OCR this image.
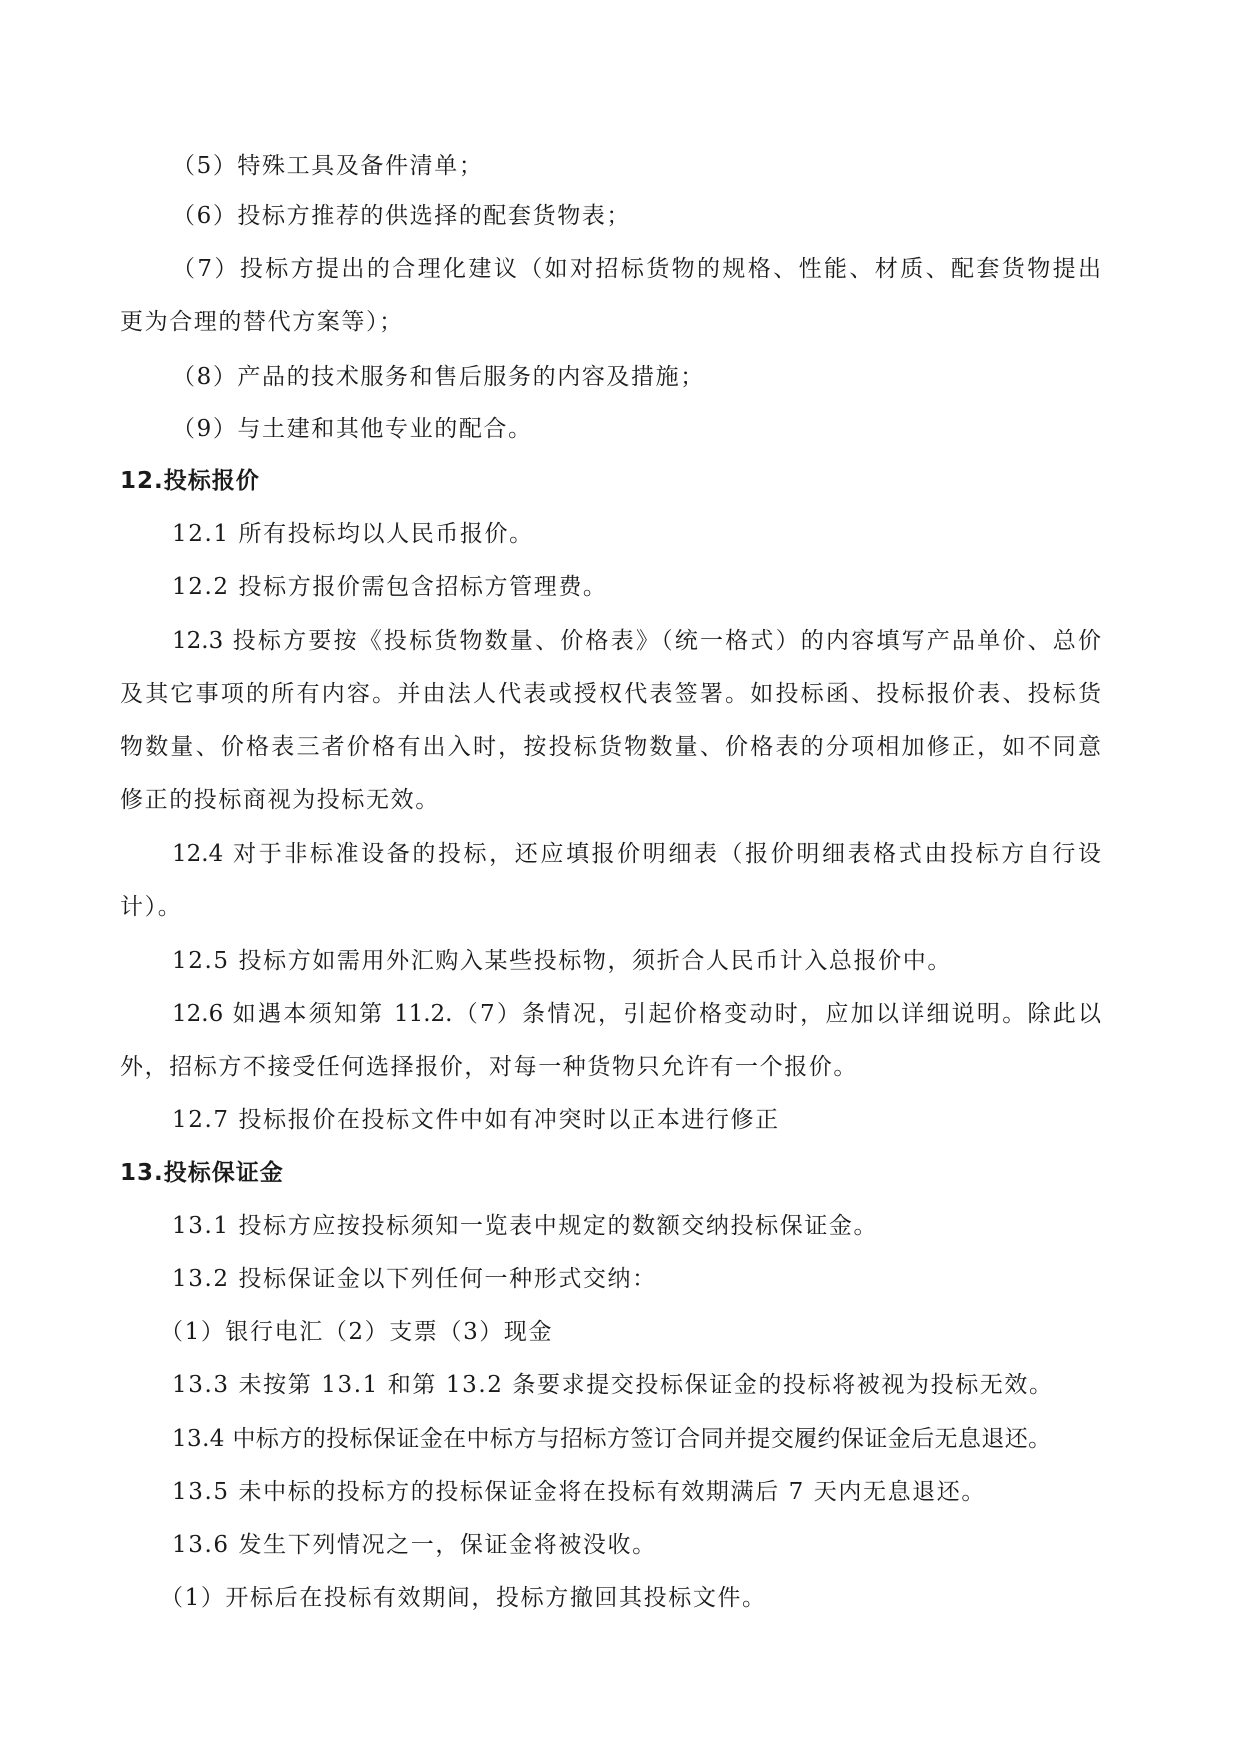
（5）特殊工具及备件清单；
（6）投标方推荐的供选择的配套货物表；
（7）投标方提出的合理化建议（如对招标货物的规格、性能、材质、配套货物提出
更为合理的替代方案等）；
（8）产品的技术服务和售后服务的内容及措施；
（9）与土建和其他专业的配合。
12.投标报价
12.1 所有投标均以人民币报价。
12.2 投标方报价需包含招标方管理费。
12.3 投标方要按《投标货物数量、价格表》（统一格式）的内容填写产品单价、总价
及其它事项的所有内容。并由法人代表或授权代表签署。如投标函、投标报价表、投标货
物数量、价格表三者价格有出入时，按投标货物数量、价格表的分项相加修正，如不同意
修正的投标商视为投标无效。
12.4 对于非标准设备的投标，还应填报价明细表（报价明细表格式由投标方自行设
计）。
12.5 投标方如需用外汇购入某些投标物，须折合人民币计入总报价中。
12.6 如遇本须知第 11.2.（7）条情况，引起价格变动时，应加以详细说明。除此以
外，招标方不接受任何选择报价，对每一种货物只允许有一个报价。
12.7 投标报价在投标文件中如有冲突时以正本进行修正
13.投标保证金
13.1 投标方应按投标须知一览表中规定的数额交纳投标保证金。
13.2 投标保证金以下列任何一种形式交纳：
（1）银行电汇（2）支票（3）现金
13.3 未按第 13.1 和第 13.2 条要求提交投标保证金的投标将被视为投标无效。
13.4 中标方的投标保证金在中标方与招标方签订合同并提交履约保证金后无息退还。
13.5 未中标的投标方的投标保证金将在投标有效期满后 7 天内无息退还。
13.6 发生下列情况之一，保证金将被没收。
（1）开标后在投标有效期间，投标方撤回其投标文件。
